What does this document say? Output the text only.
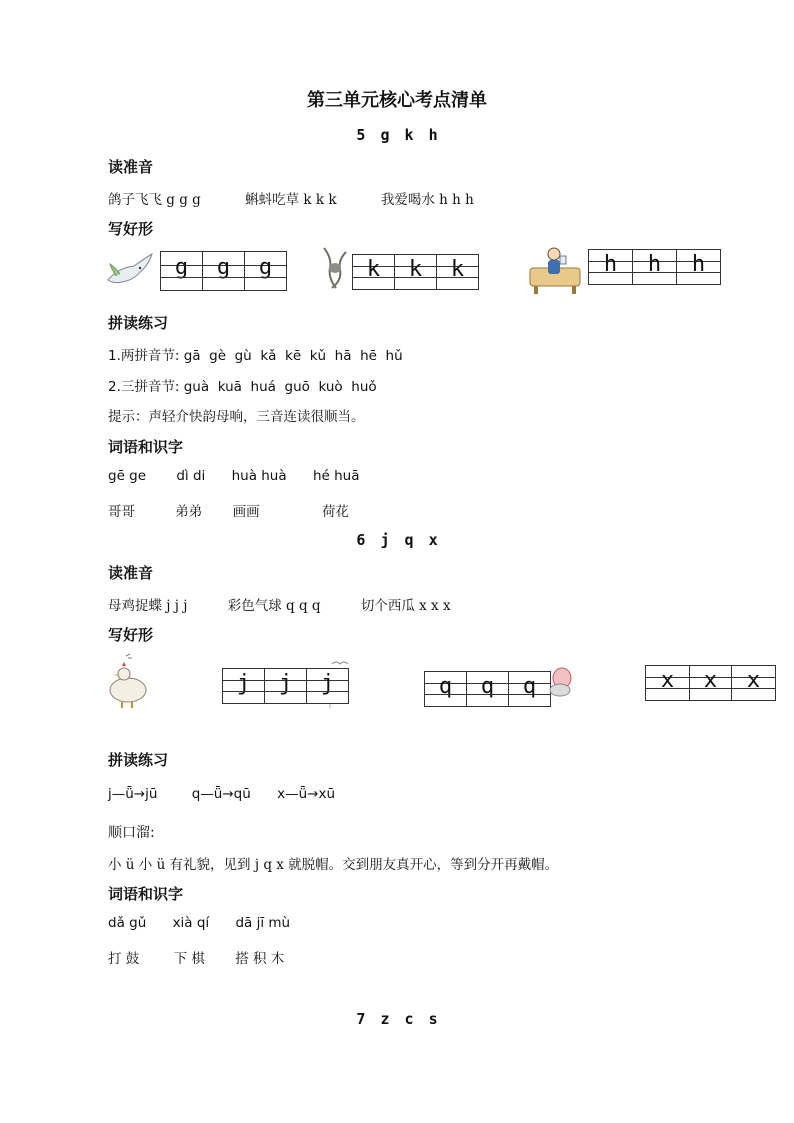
第三单元核心考点清单
5 g k h
读准音
鸽子飞飞 g g g	蝌蚪吃草 k k k	我爱喝水 h h h
写好形
g	g	g	k	k	k	h	h	h
拼读练习
1.两拼音节: gā  gè  gù  kǎ  kē  kǔ  hā  hē  hǔ
2.三拼音节: guà  kuā  huá  guō  kuò  huǒ
提示：声轻介快韵母响，三音连读很顺当。
词语和识字
gē ge dì di huà huà hé huā
哥哥	弟弟 画画	荷花
6 j q x
读准音
母鸡捉蝶 j j j	彩色气球 q q q	切个西瓜 x x x
写好形
j	j	j	q	q	q	x	x	x
拼读练习
j—ǖ→jū	q—ǖ→qū x—ǖ→xū
顺口溜:
小 ü 小 ü 有礼貌，见到 j q x 就脱帽。交到朋友真开心，等到分开再戴帽。
词语和识字
dǎ gǔ xià qí dā jī mù
打 鼓	下 棋 搭 积 木
7 z c s
